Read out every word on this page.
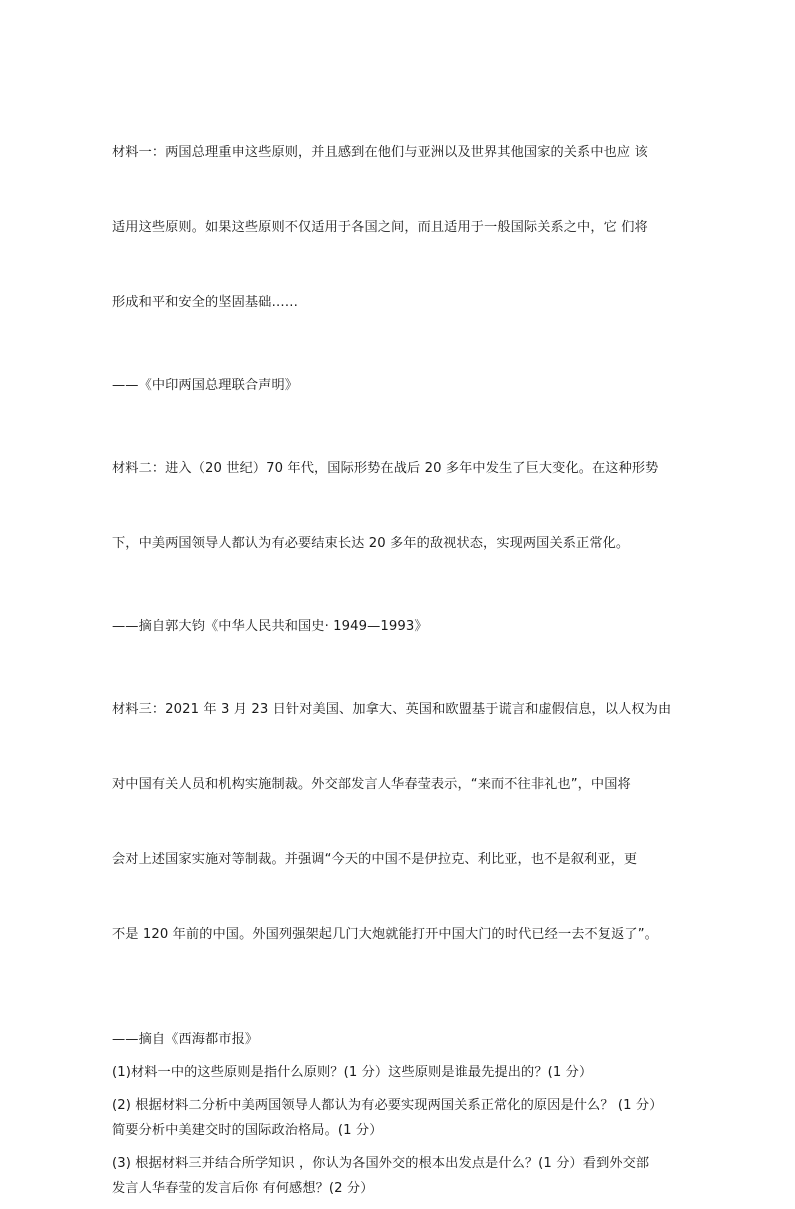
材料一：两国总理重申这些原则，并且感到在他们与亚洲以及世界其他国家的关系中也应 该

适用这些原则。如果这些原则不仅适用于各国之间，而且适用于一般国际关系之中，它 们将

形成和平和安全的坚固基础……

——《中印两国总理联合声明》

材料二：进入（20 世纪）70 年代，国际形势在战后 20 多年中发生了巨大变化。在这种形势

下，中美两国领导人都认为有必要结束长达 20 多年的敌视状态，实现两国关系正常化。

——摘自郭大钧《中华人民共和国史· 1949—1993》

材料三：2021 年 3 月 23 日针对美国、加拿大、英国和欧盟基于谎言和虚假信息，以人权为由

对中国有关人员和机构实施制裁。外交部发言人华春莹表示，“来而不往非礼也”，中国将

会对上述国家实施对等制裁。并强调“今天的中国不是伊拉克、利比亚，也不是叙利亚，更

不是 120 年前的中国。外国列强架起几门大炮就能打开中国大门的时代已经一去不复返了”。

——摘自《西海都市报》
(1)材料一中的这些原则是指什么原则？(1 分）这些原则是谁最先提出的？(1 分）
(2) 根据材料二分析中美两国领导人都认为有必要实现两国关系正常化的原因是什么？ (1 分）
简要分析中美建交时的国际政治格局。(1 分）
(3) 根据材料三并结合所学知识 ，你认为各国外交的根本出发点是什么？(1 分）看到外交部
发言人华春莹的发言后你 有何感想？(2 分）
